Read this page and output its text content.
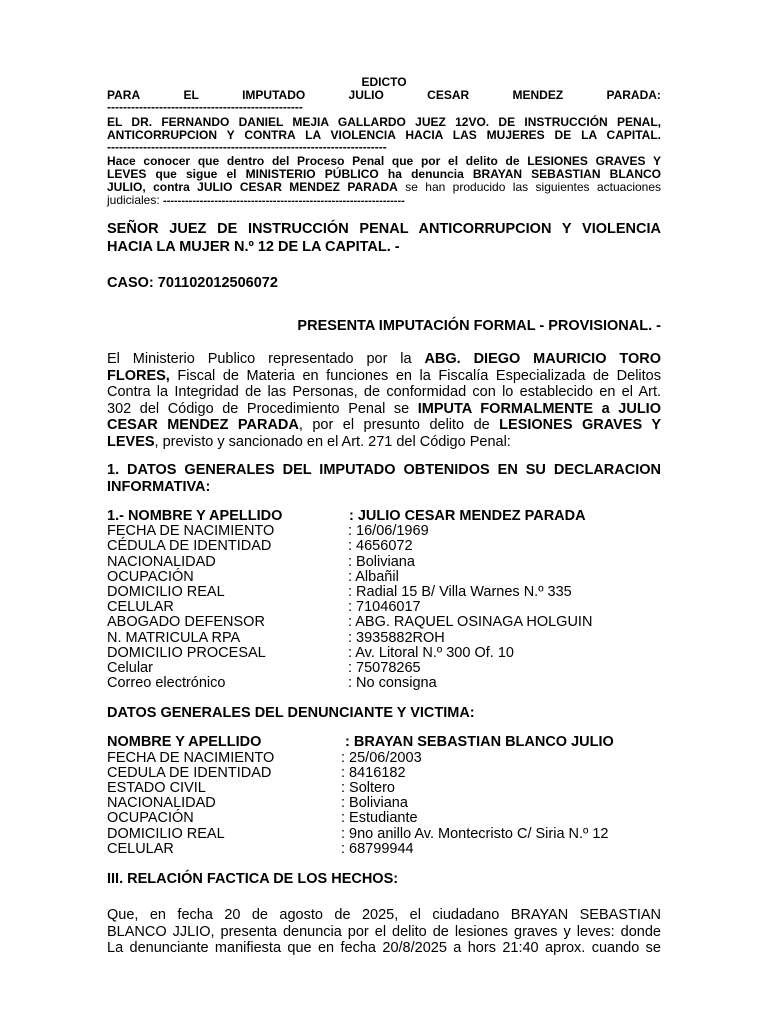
EDICTO
PARA	EL	IMPUTADO	JULIO	CESAR	MENDEZ	PARADA:
-------------------------------------------------
EL DR. FERNANDO DANIEL MEJIA GALLARDO JUEZ 12VO. DE INSTRUCCIÓN PENAL,
ANTICORRUPCION Y CONTRA LA VIOLENCIA HACIA LAS MUJERES DE LA CAPITAL.
----------------------------------------------------------------------
Hace conocer que dentro del Proceso Penal que por el delito de LESIONES GRAVES Y
LEVES que sigue el MINISTERIO PÚBLICO ha denuncia BRAYAN SEBASTIAN BLANCO
JULIO, contra JULIO CESAR MENDEZ PARADA se han producido las siguientes actuaciones
judiciales: ------------------------------------------------------------------
SEÑOR JUEZ DE INSTRUCCIÓN PENAL ANTICORRUPCION Y VIOLENCIA
HACIA LA MUJER N.º 12 DE LA CAPITAL. -
CASO: 701102012506072
PRESENTA IMPUTACIÓN FORMAL - PROVISIONAL. -
El Ministerio Publico representado por la ABG. DIEGO MAURICIO TORO
FLORES, Fiscal de Materia en funciones en la Fiscalía Especializada de Delitos
Contra la Integridad de las Personas, de conformidad con lo establecido en el Art.
302 del Código de Procedimiento Penal se IMPUTA FORMALMENTE a JULIO
CESAR MENDEZ PARADA, por el presunto delito de LESIONES GRAVES Y
LEVES, previsto y sancionado en el Art. 271 del Código Penal:
1. DATOS GENERALES DEL IMPUTADO OBTENIDOS EN SU DECLARACION
INFORMATIVA:
1.- NOMBRE Y APELLIDO	: JULIO CESAR MENDEZ PARADA
FECHA DE NACIMIENTO	: 16/06/1969
CÉDULA DE IDENTIDAD	: 4656072
NACIONALIDAD	: Boliviana
OCUPACIÓN	: Albañil
DOMICILIO REAL	: Radial 15 B/ Villa Warnes N.º 335
CELULAR	: 71046017
ABOGADO DEFENSOR	: ABG. RAQUEL OSINAGA HOLGUIN
N. MATRICULA RPA	: 3935882ROH
DOMICILIO PROCESAL	: Av. Litoral N.º 300 Of. 10
Celular	: 75078265
Correo electrónico	: No consigna
DATOS GENERALES DEL DENUNCIANTE Y VICTIMA:
NOMBRE Y APELLIDO	: BRAYAN SEBASTIAN BLANCO JULIO
FECHA DE NACIMIENTO	: 25/06/2003
CEDULA DE IDENTIDAD	: 8416182
ESTADO CIVIL	: Soltero
NACIONALIDAD	: Boliviana
OCUPACIÓN	: Estudiante
DOMICILIO REAL	: 9no anillo Av. Montecristo C/ Siria N.º 12
CELULAR	: 68799944
III. RELACIÓN FACTICA DE LOS HECHOS:
Que, en fecha 20 de agosto de 2025, el ciudadano BRAYAN SEBASTIAN
BLANCO JJLIO, presenta denuncia por el delito de lesiones graves y leves: donde
La denunciante manifiesta que en fecha 20/8/2025 a hors 21:40 aprox. cuando se
